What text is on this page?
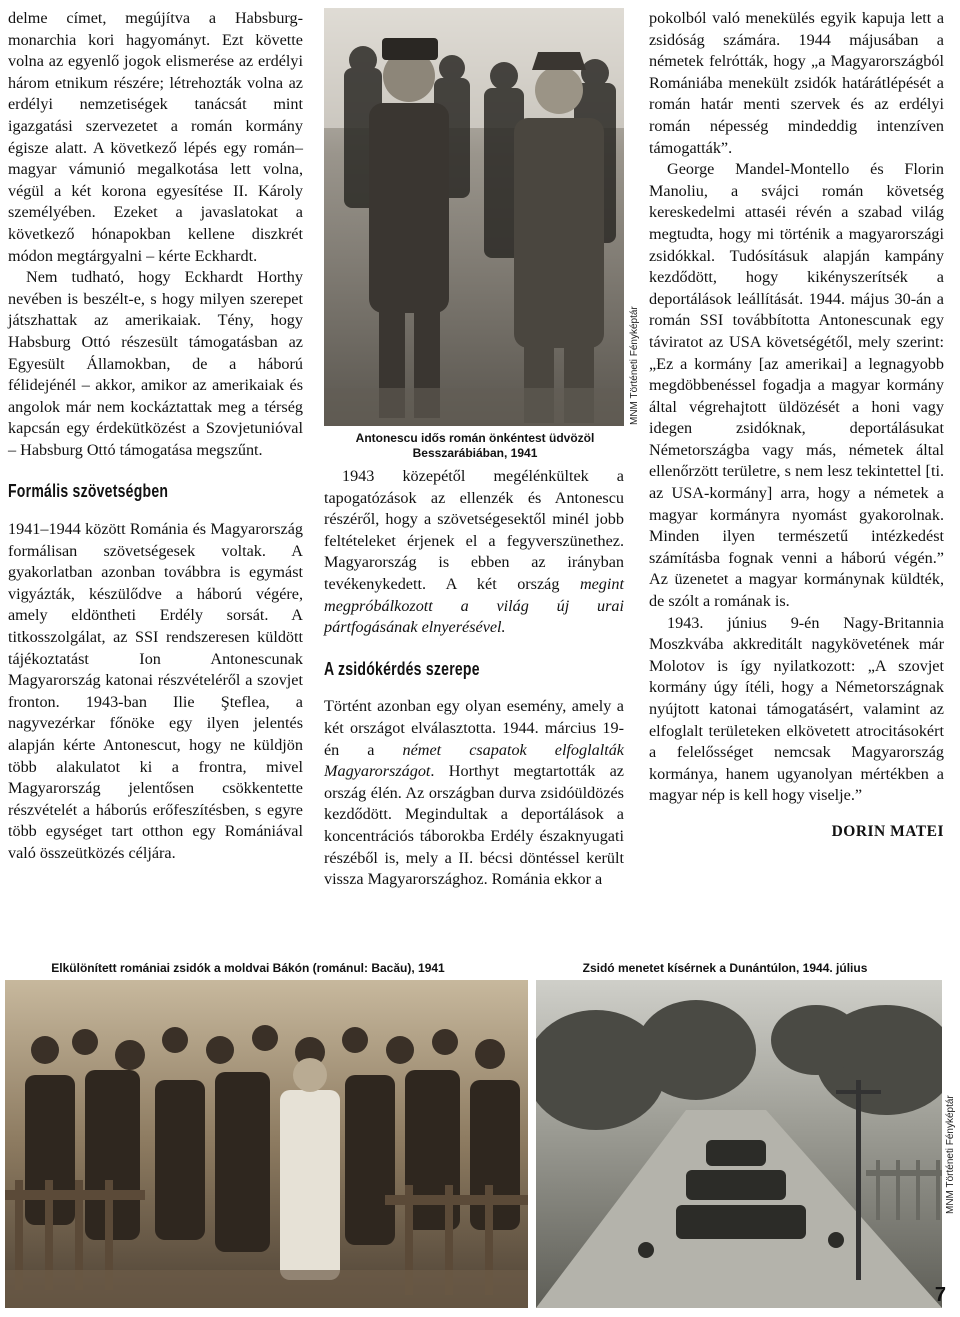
delme címet, megújítva a Habsburg-monarchia kori hagyományt. Ezt követte volna az egyenlő jogok elismerése az erdélyi három etnikum részére; létrehozták volna az erdélyi nemzetiségek tanácsát mint igazgatási szervezetet a román kormány égisze alatt. A következő lépés egy román–magyar vámunió megalkotása lett volna, végül a két korona egyesítése II. Károly személyében. Ezeket a javaslatokat a következő hónapokban kellene diszkrét módon megtárgyalni – kérte Eckhardt.

Nem tudható, hogy Eckhardt Horthy nevében is beszélt-e, s hogy milyen szerepet játszhattak az amerikaiak. Tény, hogy Habsburg Ottó részesült támogatásban az Egyesült Államokban, de a háború félidejénél – akkor, amikor az amerikaiak és angolok már nem kockáztattak meg a térség kapcsán egy érdekütközést a Szovjetunióval – Habsburg Ottó támogatása megszűnt.

Formális szövetségben

1941–1944 között Románia és Magyarország formálisan szövetségesek voltak. A gyakorlatban azonban továbbra is egymást vigyázták, készülődve a háború végére, amely eldöntheti Erdély sorsát. A titkosszolgálat, az SSI rendszeresen küldött tájékoztatást Ion Antonescunak Magyarország katonai részvételéről a szovjet fronton. 1943-ban Ilie Şteflea, a nagyvezérkar főnöke egy ilyen jelentés alapján kérte Antonescut, hogy ne küldjön több alakulatot ki a frontra, mivel Magyarország jelentősen csökkentette részvételét a háborús erőfeszítésben, s egyre több egységet tart otthon egy Romániával való összeütközés céljára.

MNM Történeti Fényképtár
Antonescu idős román önkéntest üdvözöl Besszarábiában, 1941

1943 közepétől megélénkültek a tapogatózások az ellenzék és Antonescu részéről, hogy a szövetségesektől minél jobb feltételeket érjenek el a fegyverszünethez. Magyarország is ebben az irányban tevékenykedett. A két ország megint megpróbálkozott a világ új urai pártfogásának elnyerésével.

A zsidókérdés szerepe

Történt azonban egy olyan esemény, amely a két országot elválasztotta. 1944. március 19-én a német csapatok elfoglalták Magyarországot. Horthyt megtartották az ország élén. Az országban durva zsidóüldözés kezdődött. Megindultak a deportálások a koncentrációs táborokba Erdély északnyugati részéből is, mely a II. bécsi döntéssel került vissza Magyarországhoz. Románia ekkor a

pokolból való menekülés egyik kapuja lett a zsidóság számára. 1944 májusában a németek felrótták, hogy „a Magyarországból Romániába menekült zsidók határátlépését a román határ menti szervek és az erdélyi román népesség mindeddig intenzíven támogatták”.

George Mandel-Montello és Florin Manoliu, a svájci román követség kereskedelmi attaséi révén a szabad világ megtudta, hogy mi történik a magyarországi zsidókkal. Tudósításuk alapján kampány kezdődött, hogy kikényszerítsék a deportálások leállítását. 1944. május 30-án a román SSI továbbította Antonescunak egy táviratot az USA követségétől, mely szerint: „Ez a kormány [az amerikai] a legnagyobb megdöbbenéssel fogadja a magyar kormány által végrehajtott üldözését a honi vagy idegen zsidóknak, deportálásukat Németországba vagy más, németek által ellenőrzött területre, s nem lesz tekintettel [ti. az USA-kormány] arra, hogy a németek a magyar kormányra nyomást gyakorolnak. Minden ilyen természetű intézkedést számításba fognak venni a háború végén.” Az üzenetet a magyar kormánynak küldték, de szólt a romának is.

1943. június 9-én Nagy-Britannia Moszkvába akkreditált nagykövetének már Molotov is így nyilatkozott: „A szovjet kormány úgy ítéli, hogy a Németországnak nyújtott katonai támogatásért, valamint az elfoglalt területeken elkövetett atrocitásokért a felelősséget nemcsak Magyarország kormánya, hanem ugyanolyan mértékben a magyar nép is kell hogy viselje.”

DORIN MATEI
Elkülönített romániai zsidók a moldvai Bákón (románul: Bacău), 1941	Zsidó menetet kísérnek a Dunántúlon, 1944. július
MNM Történeti Fényképtár
7
